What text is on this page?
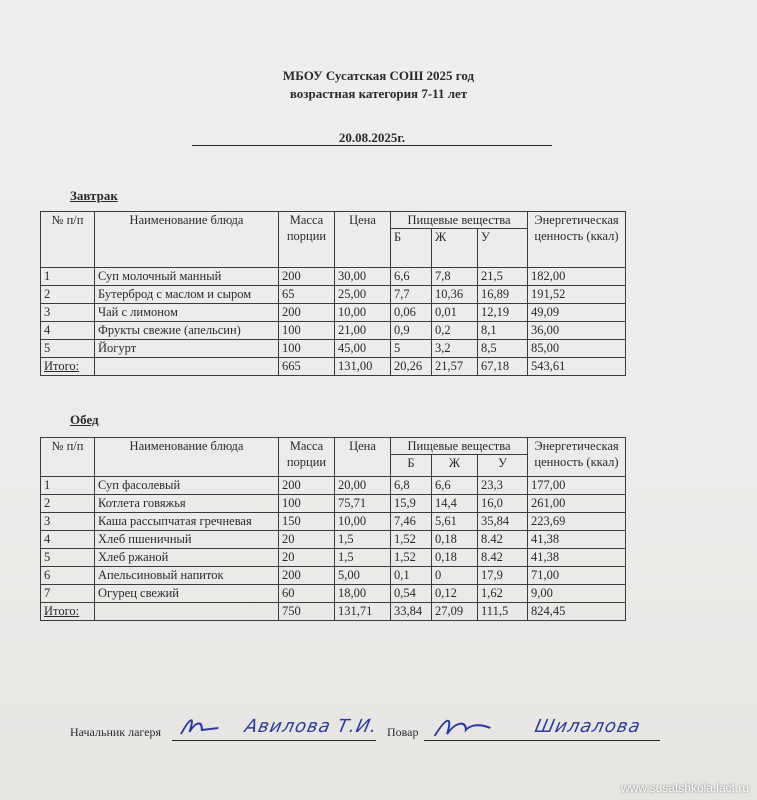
МБОУ Сусатская СОШ 2025 год
возрастная категория 7-11 лет
20.08.2025г.
Завтрак
№ п/п	Наименование блюда	Масса порции	Цена	Пищевые вещества			Энергетическая ценность (ккал)
				Б	Ж	У	
1	Суп молочный манный	200	30,00	6,6	7,8	21,5	182,00
2	Бутерброд с маслом и сыром	65	25,00	7,7	10,36	16,89	191,52
3	Чай с лимоном	200	10,00	0,06	0,01	12,19	49,09
4	Фрукты свежие (апельсин)	100	21,00	0,9	0,2	8,1	36,00
5	Йогурт	100	45,00	5	3,2	8,5	85,00
Итого:		665	131,00	20,26	21,57	67,18	543,61
Обед
№ п/п	Наименование блюда	Масса порции	Цена	Пищевые вещества			Энергетическая ценность (ккал)
				Б	Ж	У	
1	Суп фасолевый	200	20,00	6,8	6,6	23,3	177,00
2	Котлета говяжья	100	75,71	15,9	14,4	16,0	261,00
3	Каша рассыпчатая гречневая	150	10,00	7,46	5,61	35,84	223,69
4	Хлеб пшеничный	20	1,5	1,52	0,18	8.42	41,38
5	Хлеб ржаной	20	1,5	1,52	0,18	8.42	41,38
6	Апельсиновый напиток	200	5,00	0,1	0	17,9	71,00
7	Огурец свежий	60	18,00	0,54	0,12	1,62	9,00
Итого:		750	131,71	33,84	27,09	111,5	824,45
Начальник лагеря	Авилова Т.И. Повар	Шилалова
www.susatshkola.lact.ru
